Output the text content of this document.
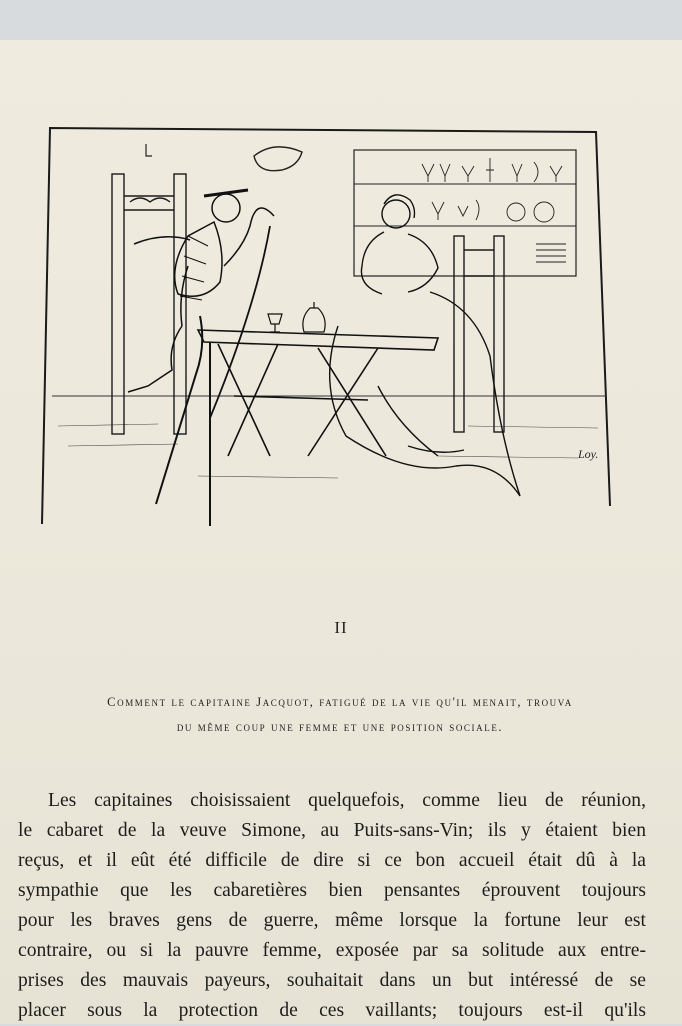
Loy.
II
Comment le capitaine Jacquot, fatigué de la vie qu'il menait, trouva
du même coup une femme et une position sociale.
Les capitaines choisissaient quelquefois, comme lieu de réunion,
le cabaret de la veuve Simone, au Puits-sans-Vin; ils y étaient bien
reçus, et il eût été difficile de dire si ce bon accueil était dû à la
sympathie que les cabaretières bien pensantes éprouvent toujours
pour les braves gens de guerre, même lorsque la fortune leur est
contraire, ou si la pauvre femme, exposée par sa solitude aux entre-
prises des mauvais payeurs, souhaitait dans un but intéressé de se
placer sous la protection de ces vaillants; toujours est-il qu'ils
